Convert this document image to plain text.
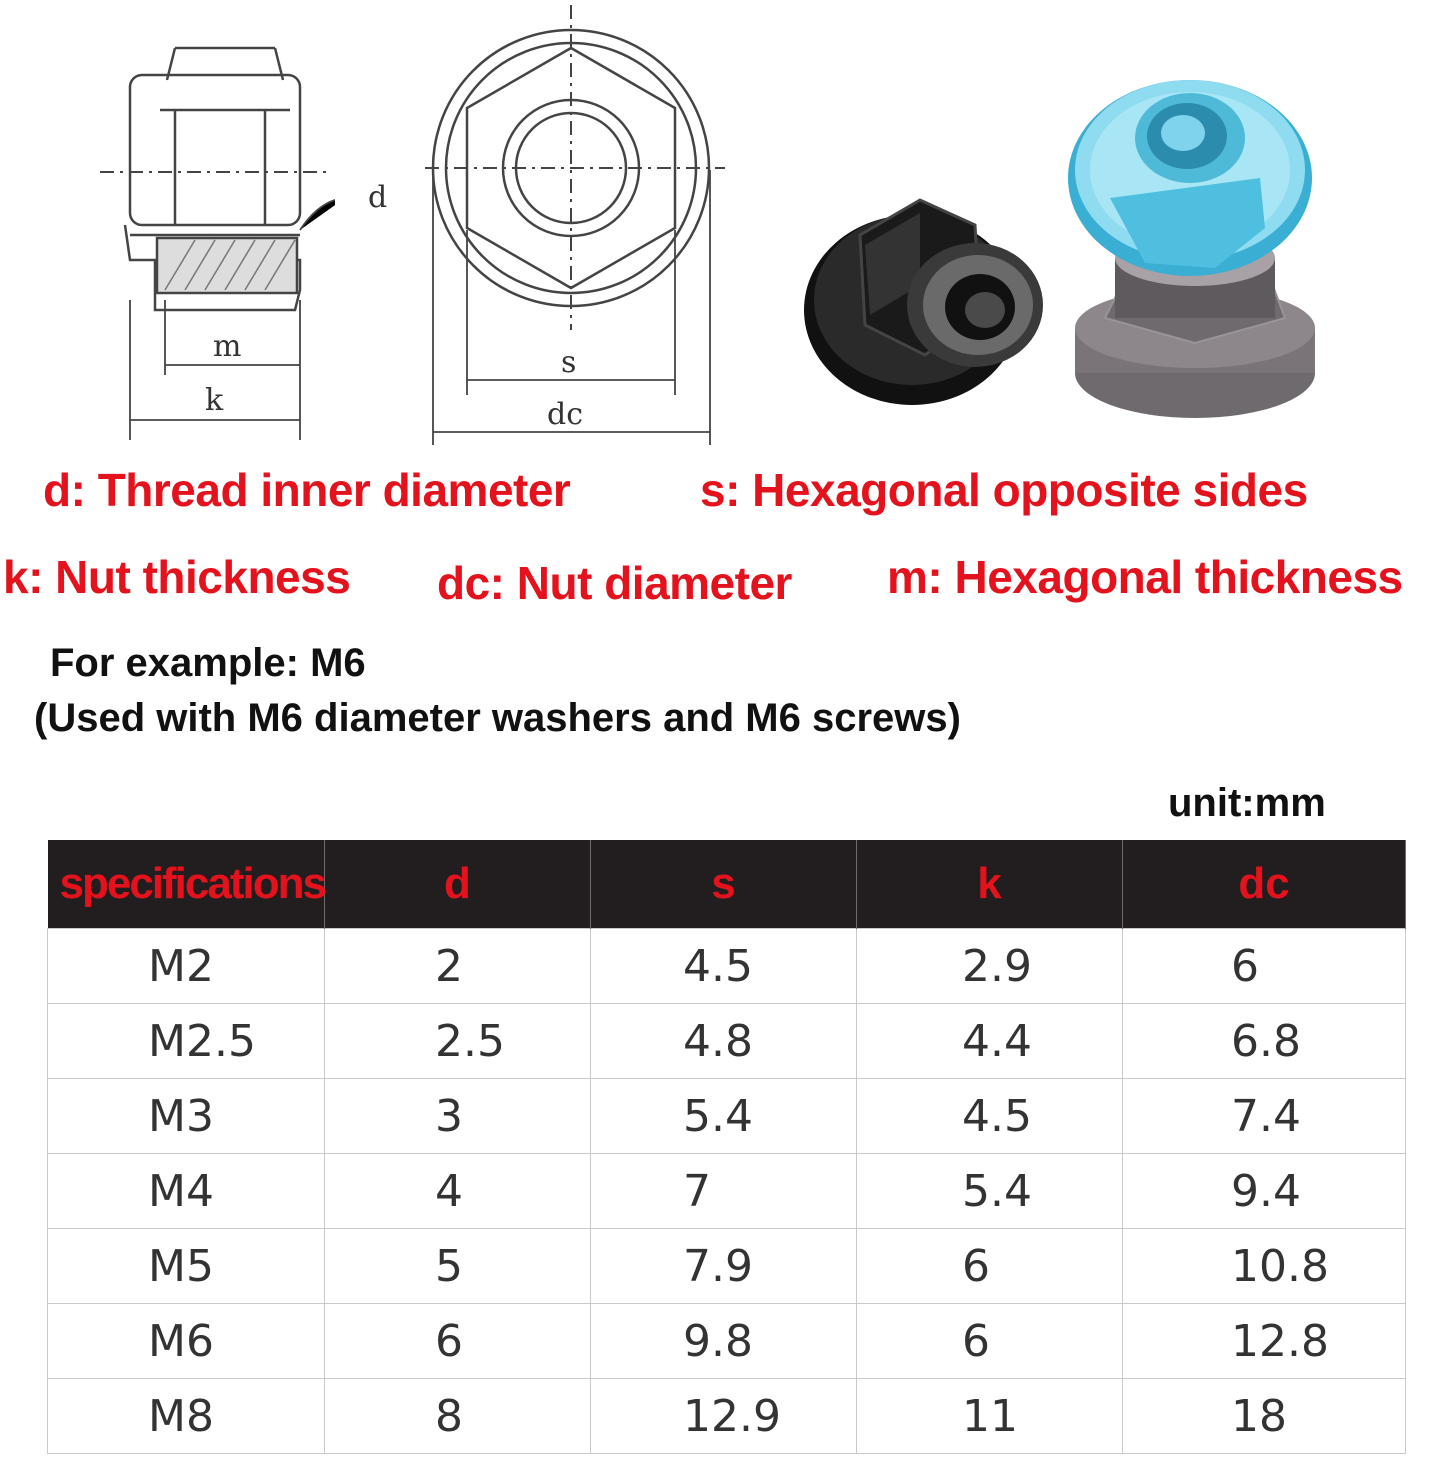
m
k
d
s
dc
d: Thread inner diameter	s: Hexagonal opposite sides
k: Nut thickness dc: Nut diameter m: Hexagonal thickness
For example: M6
(Used with M6 diameter washers and M6 screws)
unit:mm
specifications	d	s	k	dc
M2	2	4.5	2.9	6
M2.5	2.5	4.8	4.4	6.8
M3	3	5.4	4.5	7.4
M4	4	7	5.4	9.4
M5	5	7.9	6	10.8
M6	6	9.8	6	12.8
M8	8	12.9	11	18
